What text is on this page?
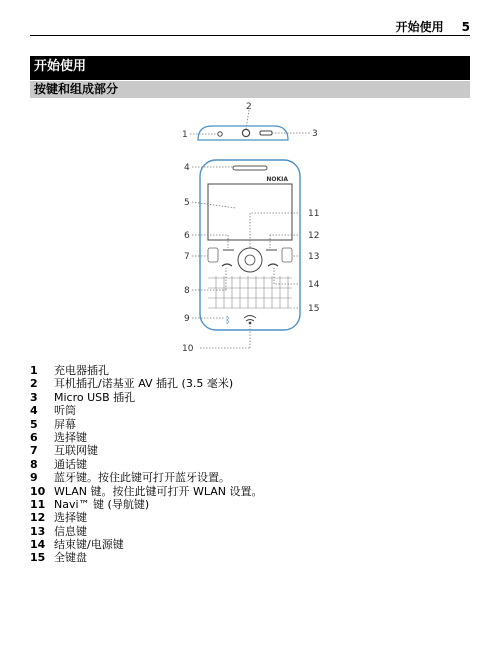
开始使用 5
开始使用
按键和组成部分
NOKIA
ᛒ
1
2
3
4
5
6
7
8
9
10
11
12
13
14
15
1 充电器插孔
2 耳机插孔/诺基亚 AV 插孔 (3.5 毫米)
3 Micro USB 插孔
4 听筒
5 屏幕
6 选择键
7 互联网键
8 通话键
9 蓝牙键。按住此键可打开蓝牙设置。
10 WLAN 键。按住此键可打开 WLAN 设置。
11 Navi™ 键 (导航键)
12 选择键
13 信息键
14 结束键/电源键
15 全键盘
